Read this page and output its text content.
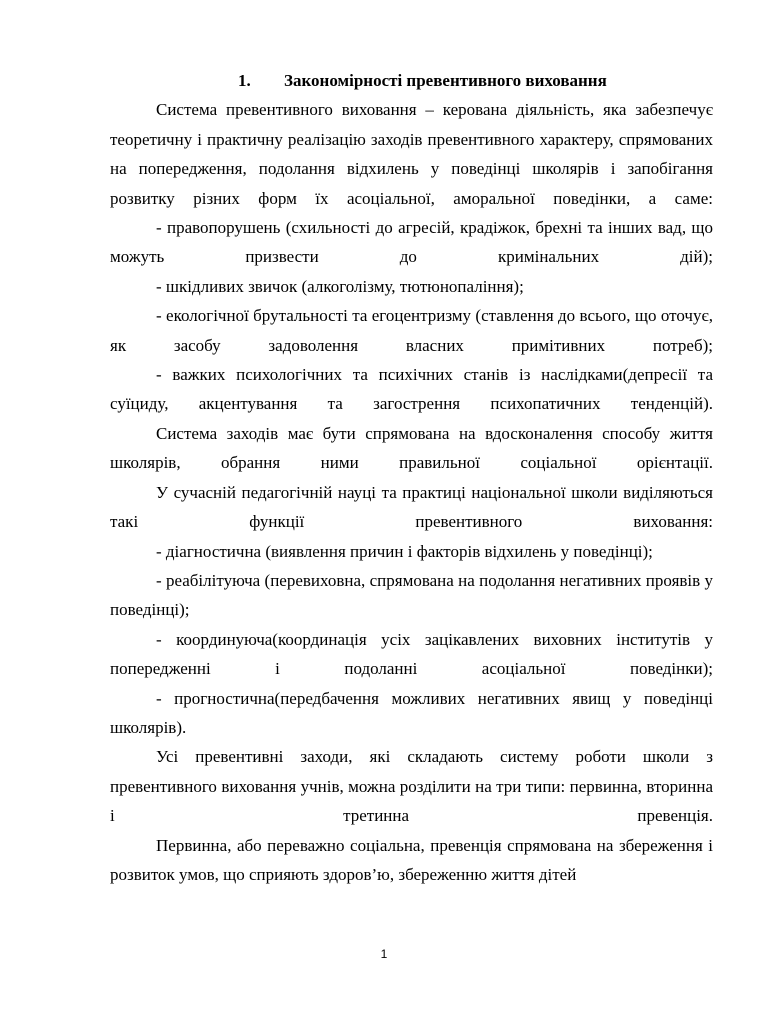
1. Закономірності превентивного виховання

Система превентивного виховання – керована діяльність, яка забезпечує теоретичну і практичну реалізацію заходів превентивного характеру, спрямованих на попередження, подолання відхилень у поведінці школярів і запобігання розвитку різних форм їх асоціальної, аморальної поведінки, а саме:

- правопорушень (схильності до агресій, крадіжок, брехні та інших вад, що можуть призвести до кримінальних дій);

- шкідливих звичок (алкоголізму, тютюнопаління);

- екологічної брутальності та егоцентризму (ставлення до всього, що оточує, як засобу задоволення власних примітивних потреб);

- важких психологічних та психічних станів із наслідками(депресії та суїциду, акцентування та загострення психопатичних тенденцій).

Система заходів має бути спрямована на вдосконалення способу життя школярів, обрання ними правильної соціальної орієнтації.

У сучасній педагогічній науці та практиці національної школи виділяються такі функції превентивного виховання:

- діагностична (виявлення причин і факторів відхилень у поведінці);

- реабілітуюча (перевиховна, спрямована на подолання негативних проявів у поведінці);

- координуюча(координація усіх зацікавлених виховних інститутів у попередженні і подоланні асоціальної поведінки);

- прогностична(передбачення можливих негативних явищ у поведінці школярів).

Усі превентивні заходи, які складають систему роботи школи з превентивного виховання учнів, можна розділити на три типи: первинна, вторинна і третинна превенція.

Первинна, або переважно соціальна, превенція спрямована на збереження і розвиток умов, що сприяють здоров’ю, збереженню життя дітей

1
